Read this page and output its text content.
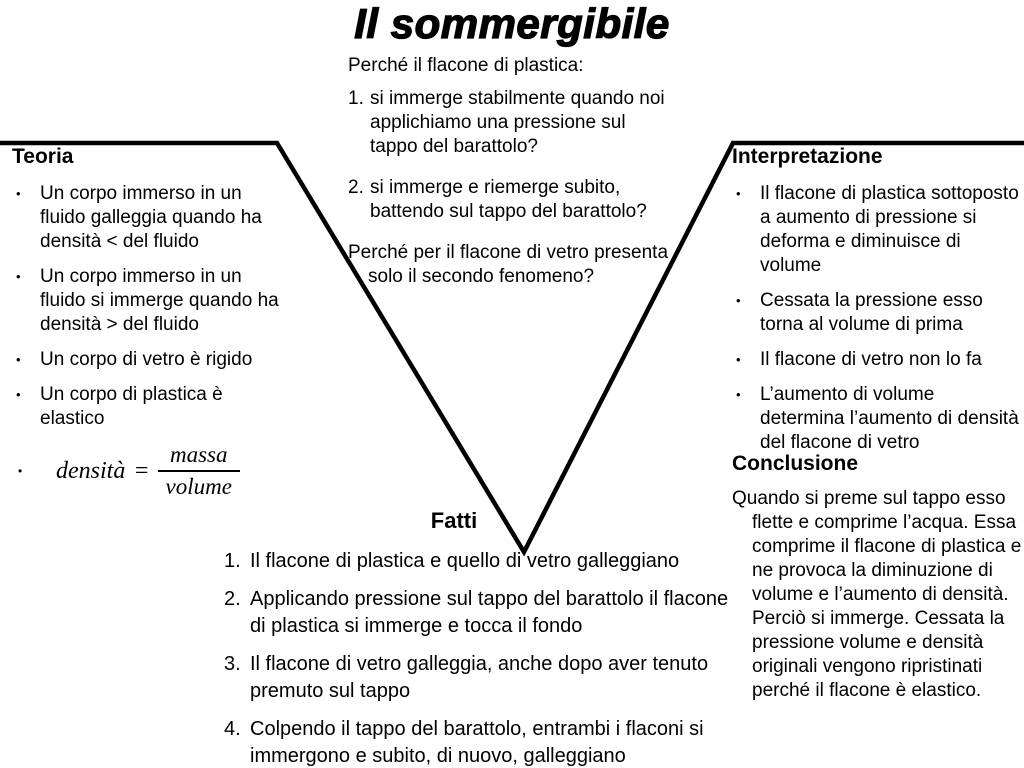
Il sommergibile

Perché il flacone di plastica:

1. si immerge stabilmente quando noi applichiamo una pressione sul tappo del barattolo?
2. si immerge e riemerge subito, battendo sul tappo del barattolo?

Perché per il flacone di vetro presenta solo il secondo fenomeno?

Teoria
•	Un corpo immerso in un fluido galleggia quando ha densità < del fluido
•	Un corpo immerso in un fluido si immerge quando ha densità > del fluido
•	Un corpo di vetro è rigido
•	Un corpo di plastica è elastico
•	densità = $\frac{\text{massa}}{\text{volume}}$
Interpretazione
•	Il flacone di plastica sottoposto a aumento di pressione si deforma e diminuisce di volume
•	Cessata la pressione esso torna al volume di prima
•	Il flacone di vetro non lo fa
•	L’aumento di volume determina l’aumento di densità del flacone di vetro
Conclusione

Quando si preme sul tappo esso flette e comprime l’acqua. Essa comprime il flacone di plastica e ne provoca la diminuzione di volume e l’aumento di densità. Perciò si immerge. Cessata la pressione volume e densità originali vengono ripristinati perché il flacone è elastico.

Fatti
1. Il flacone di plastica e quello di vetro galleggiano
2. Applicando pressione sul tappo del barattolo il flacone di plastica si immerge e tocca il fondo
3. Il flacone di vetro galleggia, anche dopo aver tenuto premuto sul tappo
4. Colpendo il tappo del barattolo, entrambi i flaconi si immergono e subito, di nuovo, galleggiano
